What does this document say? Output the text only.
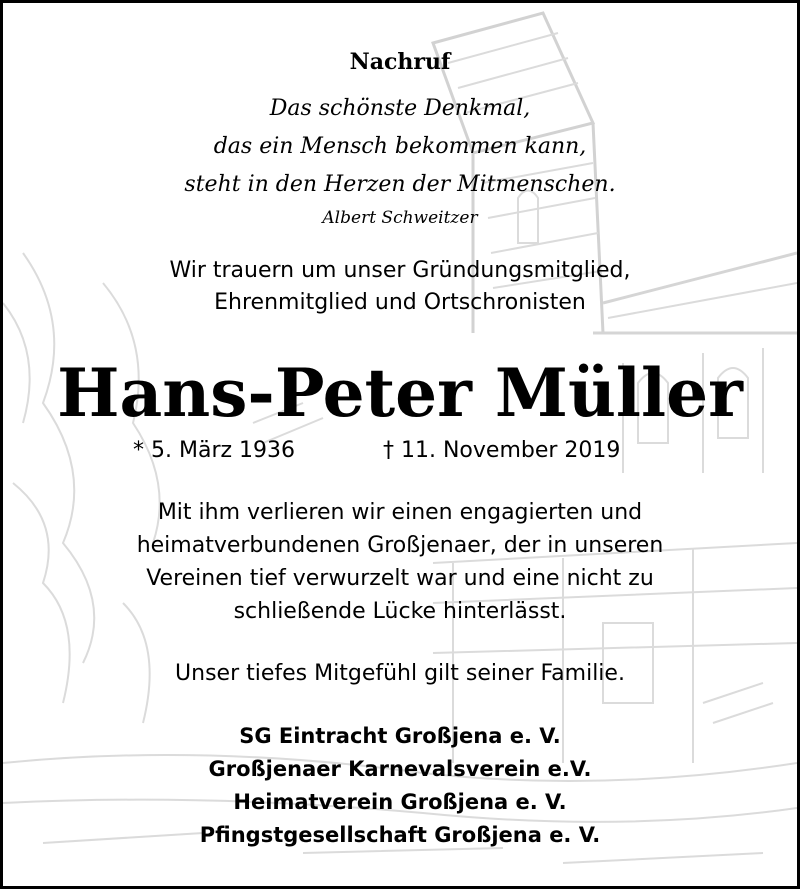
Nachruf
Das schönste Denkmal,
das ein Mensch bekommen kann,
steht in den Herzen der Mitmenschen.
Albert Schweitzer
Wir trauern um unser Gründungsmitglied,
Ehrenmitglied und Ortschronisten
Hans-Peter Müller
* 5. März 1936	† 11. November 2019
Mit ihm verlieren wir einen engagierten und
heimatverbundenen Großjenaer, der in unseren
Vereinen tief verwurzelt war und eine nicht zu
schließende Lücke hinterlässt.
Unser tiefes Mitgefühl gilt seiner Familie.
SG Eintracht Großjena e. V.
Großjenaer Karnevalsverein e.V.
Heimatverein Großjena e. V.
Pfingstgesellschaft Großjena e. V.
